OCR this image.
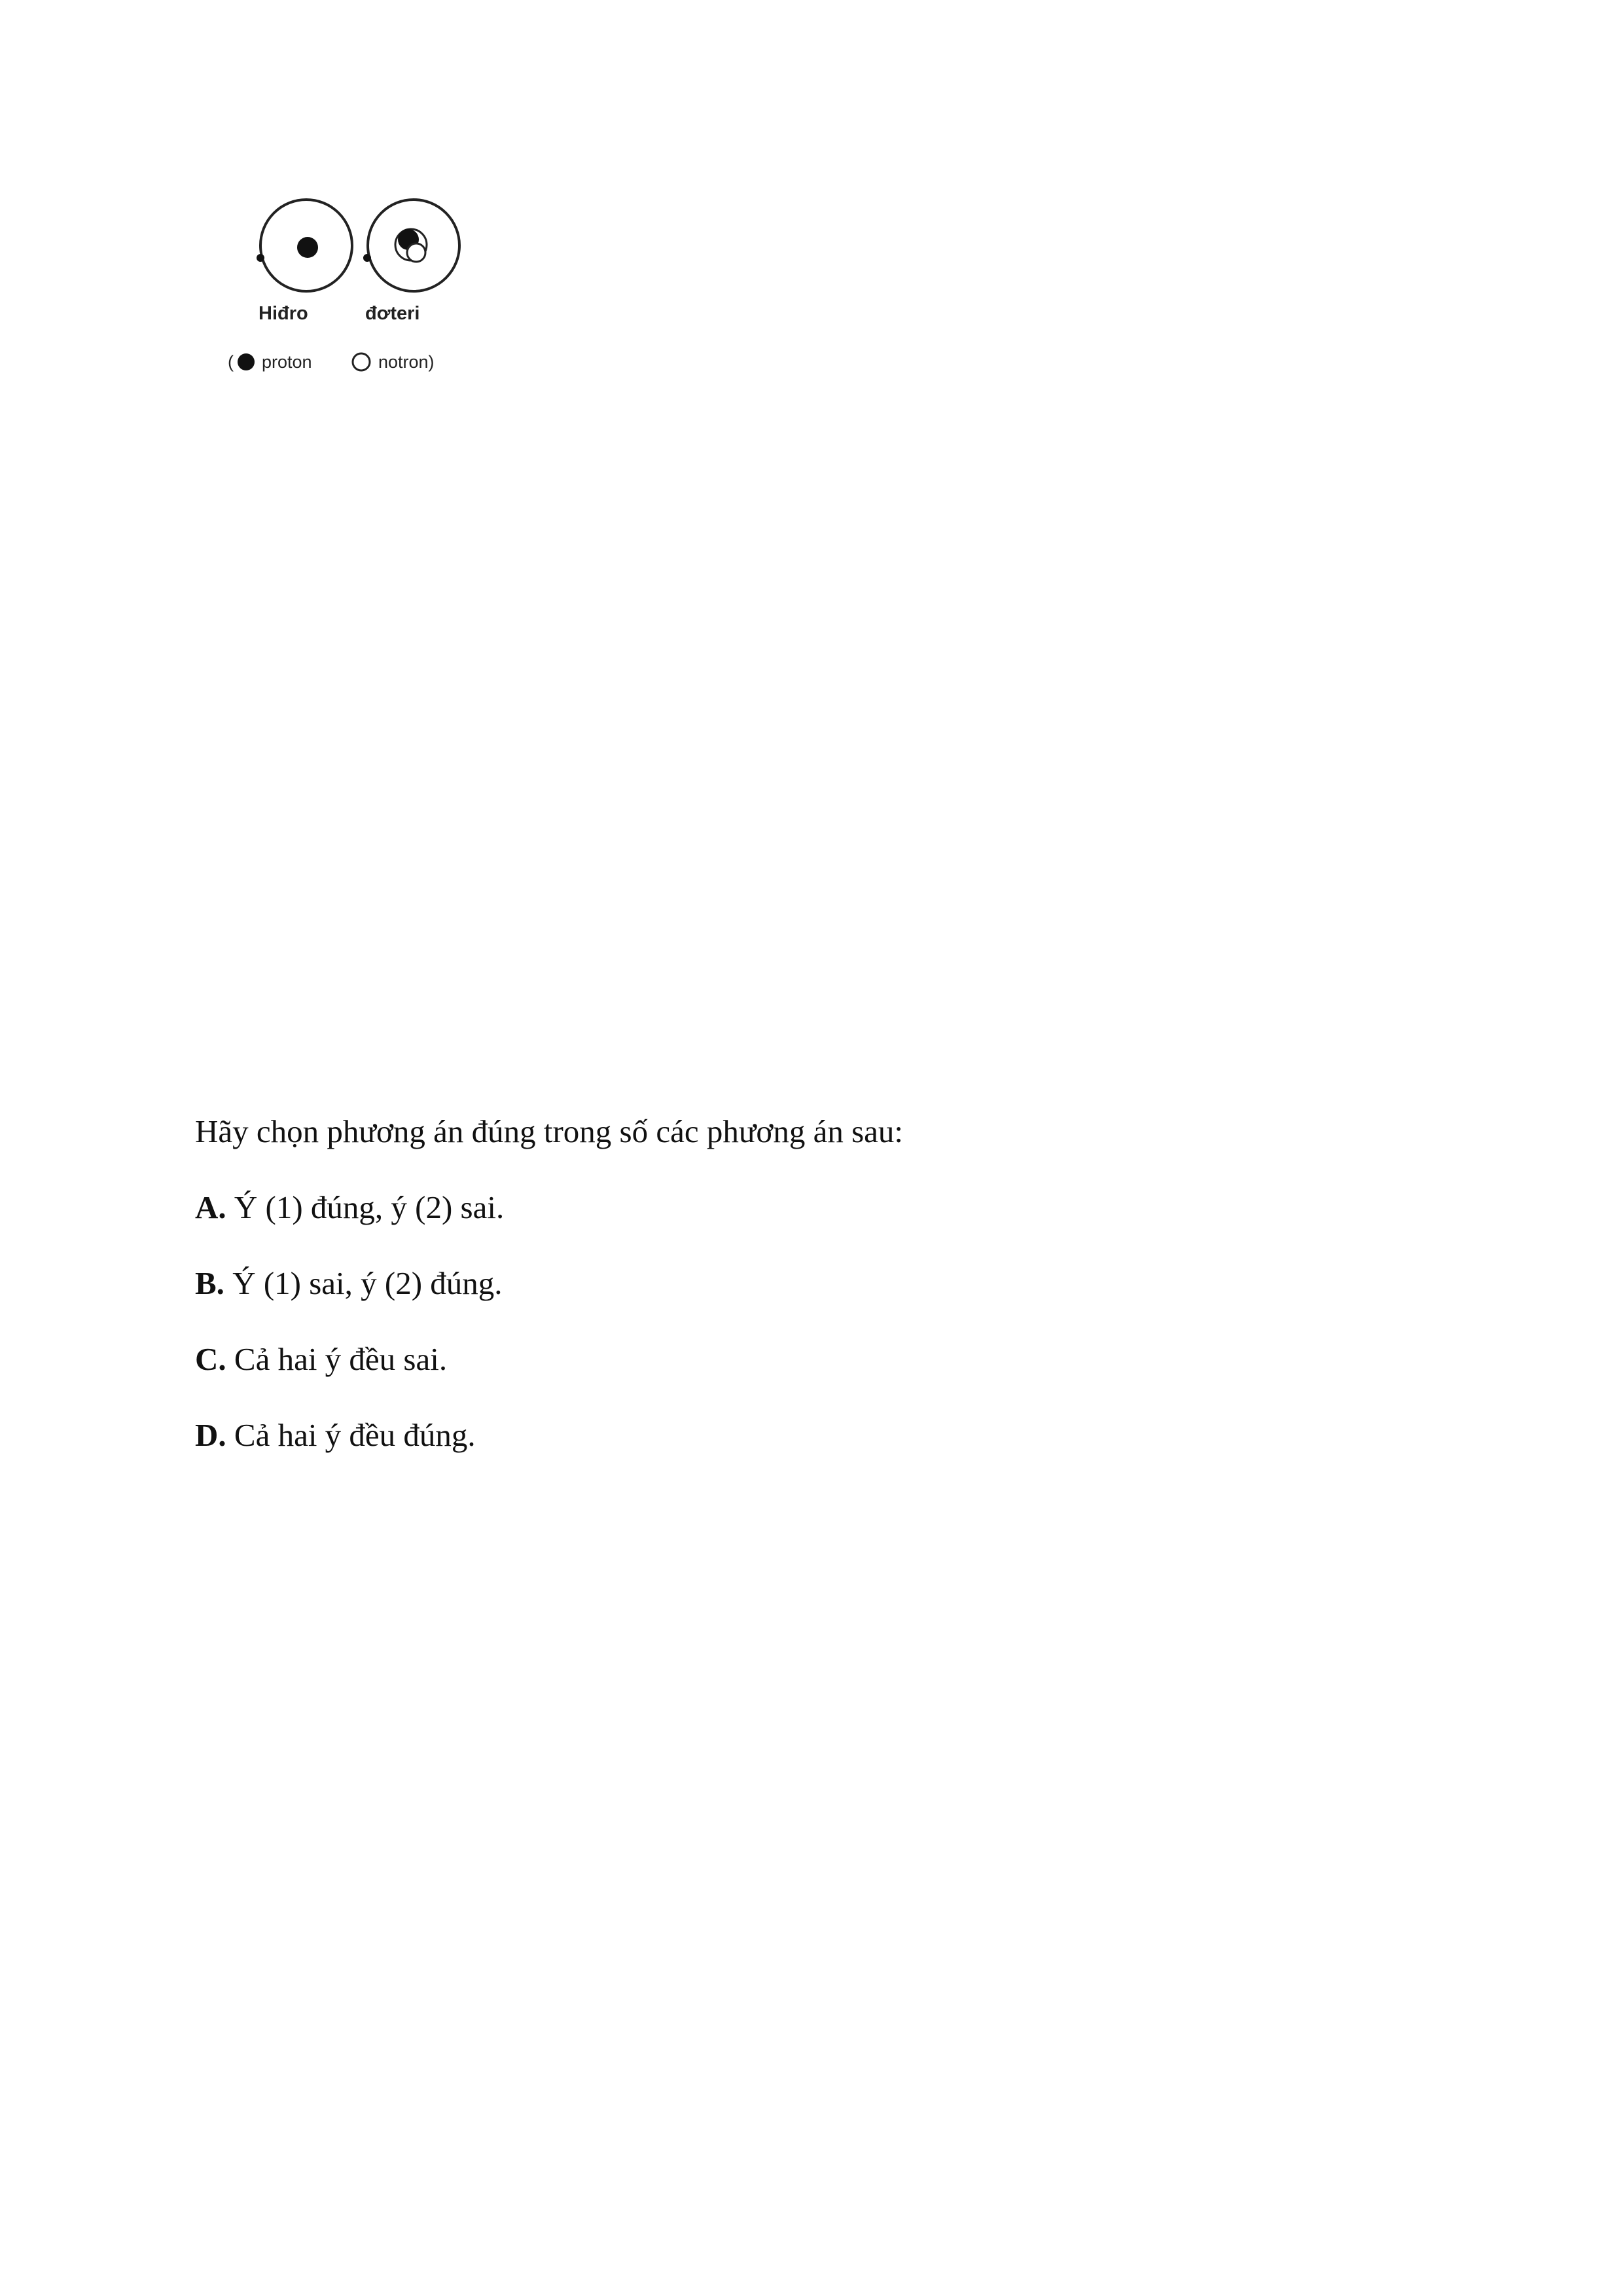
Hiđro	đơteri
( proton	notron)

Hãy chọn phương án đúng trong số các phương án sau:

A. Ý (1) đúng, ý (2) sai.

B. Ý (1) sai, ý (2) đúng.

C. Cả hai ý đều sai.

D. Cả hai ý đều đúng.
